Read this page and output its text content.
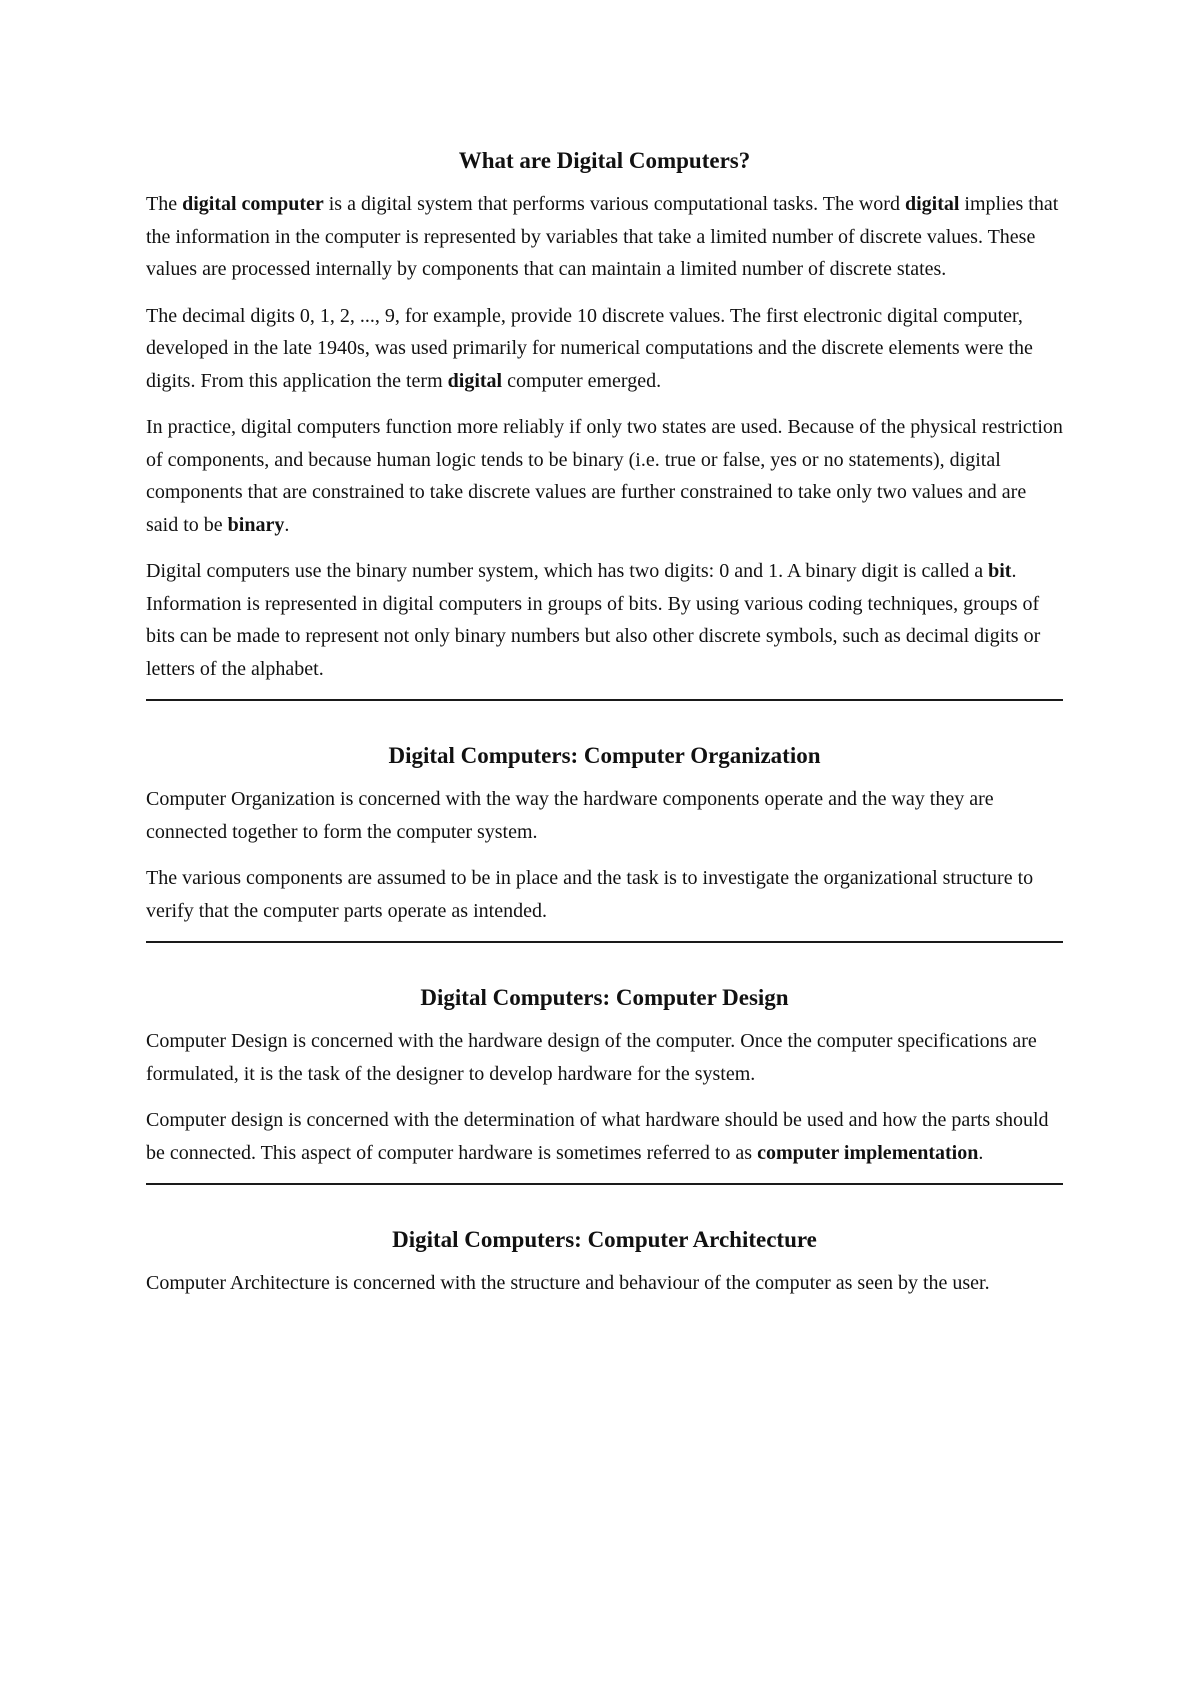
What are Digital Computers?

The digital computer is a digital system that performs various computational tasks. The word digital implies that the information in the computer is represented by variables that take a limited number of discrete values. These values are processed internally by components that can maintain a limited number of discrete states.

The decimal digits 0, 1, 2, ..., 9, for example, provide 10 discrete values. The first electronic digital computer, developed in the late 1940s, was used primarily for numerical computations and the discrete elements were the digits. From this application the term digital computer emerged.

In practice, digital computers function more reliably if only two states are used. Because of the physical restriction of components, and because human logic tends to be binary (i.e. true or false, yes or no statements), digital components that are constrained to take discrete values are further constrained to take only two values and are said to be binary.

Digital computers use the binary number system, which has two digits: 0 and 1. A binary digit is called a bit. Information is represented in digital computers in groups of bits. By using various coding techniques, groups of bits can be made to represent not only binary numbers but also other discrete symbols, such as decimal digits or letters of the alphabet.

Digital Computers: Computer Organization

Computer Organization is concerned with the way the hardware components operate and the way they are connected together to form the computer system.

The various components are assumed to be in place and the task is to investigate the organizational structure to verify that the computer parts operate as intended.

Digital Computers: Computer Design

Computer Design is concerned with the hardware design of the computer. Once the computer specifications are formulated, it is the task of the designer to develop hardware for the system.

Computer design is concerned with the determination of what hardware should be used and how the parts should be connected. This aspect of computer hardware is sometimes referred to as computer implementation.

Digital Computers: Computer Architecture

Computer Architecture is concerned with the structure and behaviour of the computer as seen by the user.
